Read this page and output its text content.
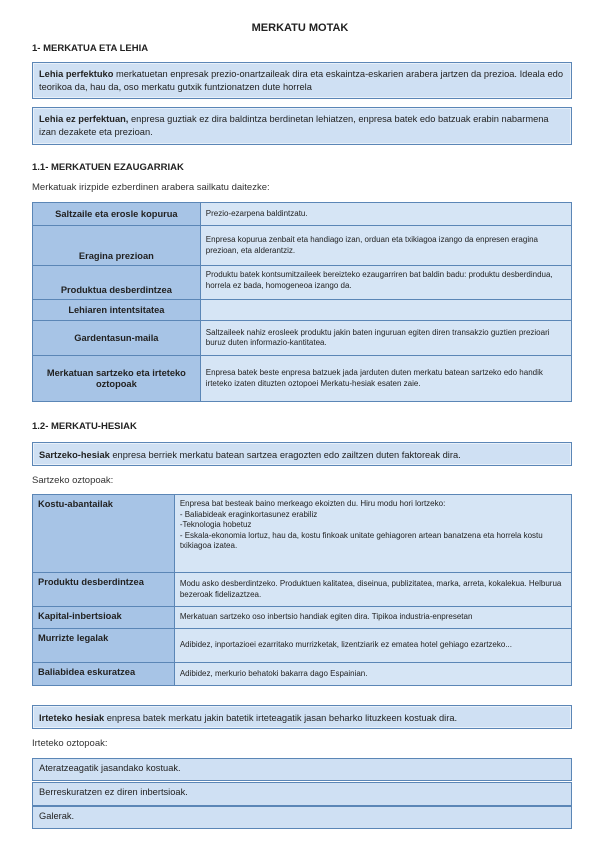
MERKATU MOTAK
1- MERKATUA ETA LEHIA
Lehia perfektuko merkatuetan enpresak prezio-onartzaileak dira eta eskaintza-eskarien arabera jartzen da prezioa. Ideala edo teorikoa da, hau da, oso merkatu gutxik funtzionatzen dute horrela
Lehia ez perfektuan, enpresa guztiak ez dira baldintza berdinetan lehiatzen, enpresa batek edo batzuak erabin nabarmena izan dezakete eta prezioan.
1.1- MERKATUEN EZAUGARRIAK
Merkatuak irizpide ezberdinen arabera sailkatu daitezke:
Saltzaile eta erosle kopurua	Prezio-ezarpena baldintzatu.
Eragina prezioan	Enpresa kopurua zenbait eta handiago izan, orduan eta txikiagoa izango da enpresen eragina prezioan, eta alderantziz.
Produktua desberdintzea	Produktu batek kontsumitzaileek bereizteko ezaugarriren bat baldin badu: produktu desberdindua, horrela ez bada, homogeneoa izango da.
Lehiaren intentsitatea	
Gardentasun-maila	Saltzaileek nahiz erosleek produktu jakin baten inguruan egiten diren transakzio guztien prezioari buruz duten informazio-kantitatea.
Merkatuan sartzeko eta irteteko oztopoak	Enpresa batek beste enpresa batzuek jada jarduten duten merkatu batean sartzeko edo handik irteteko izaten dituzten oztopoei Merkatu-hesiak esaten zaie.
1.2- MERKATU-HESIAK
Sartzeko-hesiak enpresa berriek merkatu batean sartzea eragozten edo zailtzen duten faktoreak dira.
Sartzeko oztopoak:
Kostu-abantailak	Enpresa bat besteak baino merkeago ekoizten du. Hiru modu hori lortzeko:
- Baliabideak eraginkortasunez erabiliz
-Teknologia hobetuz
- Eskala-ekonomia lortuz, hau da, kostu finkoak unitate gehiagoren artean banatzena eta horrela kostu txikiagoa izatea.

Produktu desberdintzea	Modu asko desberdintzeko. Produktuen kalitatea, diseinua, publizitatea, marka, arreta, kokalekua. Helburua bezeroak fidelizaztzea.
Kapital-inbertsioak	Merkatuan sartzeko oso inbertsio handiak egiten dira. Tipikoa industria-enpresetan
Murrizte legalak	Adibidez, inportazioei ezarritako murrizketak, lizentziarik ez ematea hotel gehiago ezartzeko...
Baliabidea eskuratzea	Adibidez, merkurio behatoki bakarra dago Espainian.
Irteteko hesiak enpresa batek merkatu jakin batetik irteteagatik jasan beharko lituzkeen kostuak dira.
Irteteko oztopoak:
Ateratzeagatik jasandako kostuak.
Berreskuratzen ez diren inbertsioak.
Galerak.
